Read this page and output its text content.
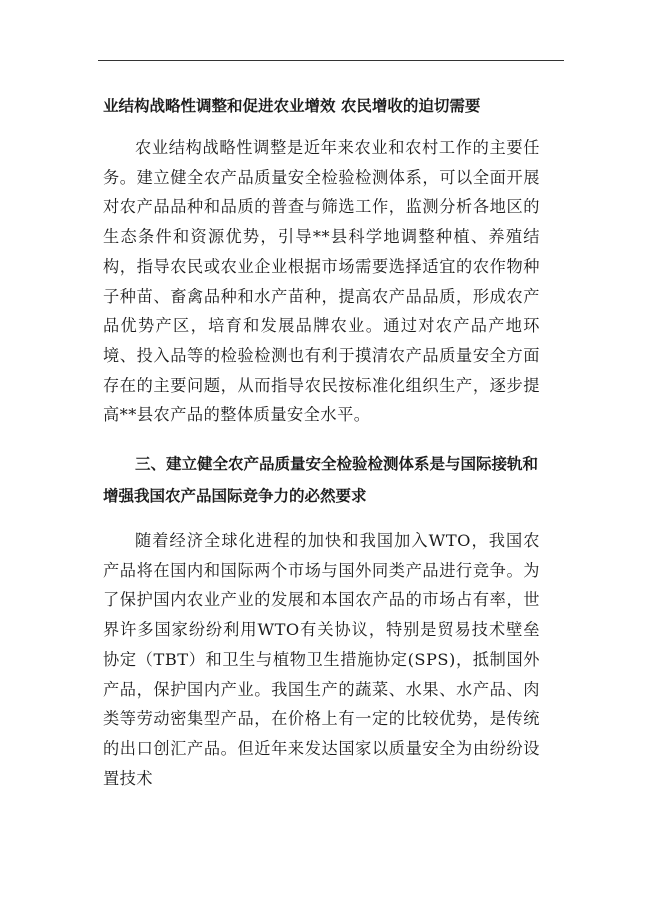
业结构战略性调整和促进农业增效 农民增收的迫切需要

农业结构战略性调整是近年来农业和农村工作的主要任务。建立健全农产品质量安全检验检测体系，可以全面开展对农产品品种和品质的普查与筛选工作，监测分析各地区的生态条件和资源优势，引导**县科学地调整种植、养殖结构，指导农民或农业企业根据市场需要选择适宜的农作物种子种苗、畜禽品种和水产苗种，提高农产品品质，形成农产品优势产区，培育和发展品牌农业。通过对农产品产地环境、投入品等的检验检测也有利于摸清农产品质量安全方面存在的主要问题，从而指导农民按标准化组织生产，逐步提高**县农产品的整体质量安全水平。

三、建立健全农产品质量安全检验检测体系是与国际接轨和增强我国农产品国际竞争力的必然要求

随着经济全球化进程的加快和我国加入WTO，我国农产品将在国内和国际两个市场与国外同类产品进行竞争。为了保护国内农业产业的发展和本国农产品的市场占有率，世界许多国家纷纷利用WTO有关协议，特别是贸易技术壁垒协定（TBT）和卫生与植物卫生措施协定(SPS)，抵制国外产品，保护国内产业。我国生产的蔬菜、水果、水产品、肉类等劳动密集型产品，在价格上有一定的比较优势，是传统的出口创汇产品。但近年来发达国家以质量安全为由纷纷设置技术
